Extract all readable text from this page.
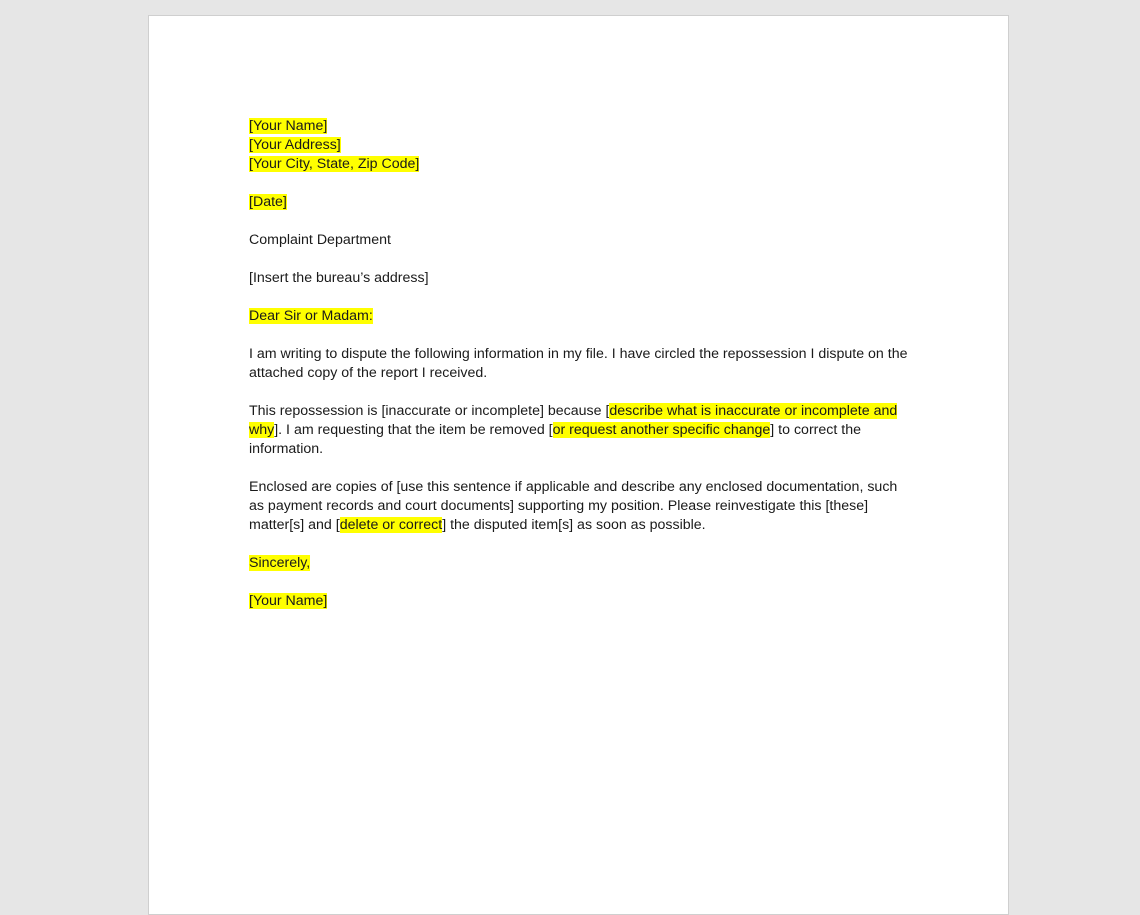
[Your Name]
[Your Address]
[Your City, State, Zip Code]

[Date]

Complaint Department

[Insert the bureau’s address]

Dear Sir or Madam:

I am writing to dispute the following information in my file. I have circled the repossession I dispute on the attached copy of the report I received.

This repossession is [inaccurate or incomplete] because [describe what is inaccurate or incomplete and why]. I am requesting that the item be removed [or request another specific change] to correct the information.

Enclosed are copies of [use this sentence if applicable and describe any enclosed documentation, such as payment records and court documents] supporting my position. Please reinvestigate this [these] matter[s] and [delete or correct] the disputed item[s] as soon as possible.

Sincerely,

[Your Name]
